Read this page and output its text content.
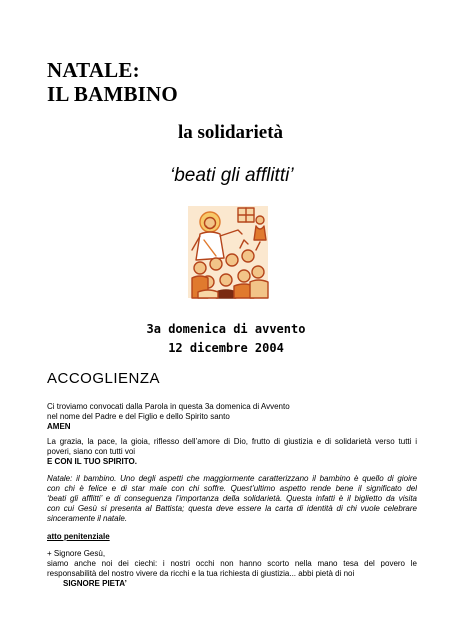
NATALE:
IL BAMBINO
la solidarietà
‘beati gli afflitti’
3a domenica di avvento
12 dicembre 2004
ACCOGLIENZA
Ci troviamo convocati dalla Parola in questa 3a domenica di Avvento
nel nome del Padre e del Figlio e dello Spirito santo
AMEN
La grazia, la pace, la gioia, riflesso dell’amore di Dio, frutto di giustizia e di solidarietà verso tutti i
poveri, siano con tutti voi
E CON IL TUO SPIRITO.
Natale: il bambino. Uno degli aspetti che maggiormente caratterizzano il bambino è quello di gioire
con chi è felice e di star male con chi soffre. Quest’ultimo aspetto rende bene il significato del
‘beati gli afflitti’ e di conseguenza l’importanza della solidarietà. Questa infatti è il biglietto da visita
con cui Gesù si presenta al Battista; questa deve essere la carta di identità di chi vuole celebrare
sinceramente il natale.
atto penitenziale
+ Signore Gesù,
siamo anche noi dei ciechi: i nostri occhi non hanno scorto nella mano tesa del povero le
responsabilità del nostro vivere da ricchi e la tua richiesta di giustizia... abbi pietà di noi
SIGNORE PIETA’
